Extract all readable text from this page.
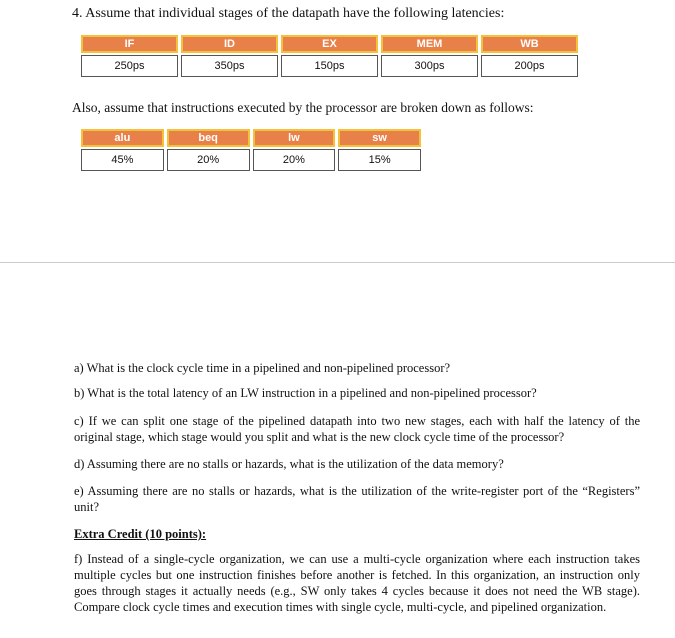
4. Assume that individual stages of the datapath have the following latencies:
IF	ID	EX	MEM	WB
250ps	350ps	150ps	300ps	200ps
Also, assume that instructions executed by the processor are broken down as follows:
alu	beq	lw	sw
45%	20%	20%	15%
a) What is the clock cycle time in a pipelined and non-pipelined processor?
b) What is the total latency of an LW instruction in a pipelined and non-pipelined processor?
c) If we can split one stage of the pipelined datapath into two new stages, each with half the latency of the original stage, which stage would you split and what is the new clock cycle time of the processor?
d) Assuming there are no stalls or hazards, what is the utilization of the data memory?
e) Assuming there are no stalls or hazards, what is the utilization of the write-register port of the “Registers” unit?
Extra Credit (10 points):
f) Instead of a single-cycle organization, we can use a multi-cycle organization where each instruction takes multiple cycles but one instruction finishes before another is fetched. In this organization, an instruction only goes through stages it actually needs (e.g., SW only takes 4 cycles because it does not need the WB stage). Compare clock cycle times and execution times with single cycle, multi-cycle, and pipelined organization.
